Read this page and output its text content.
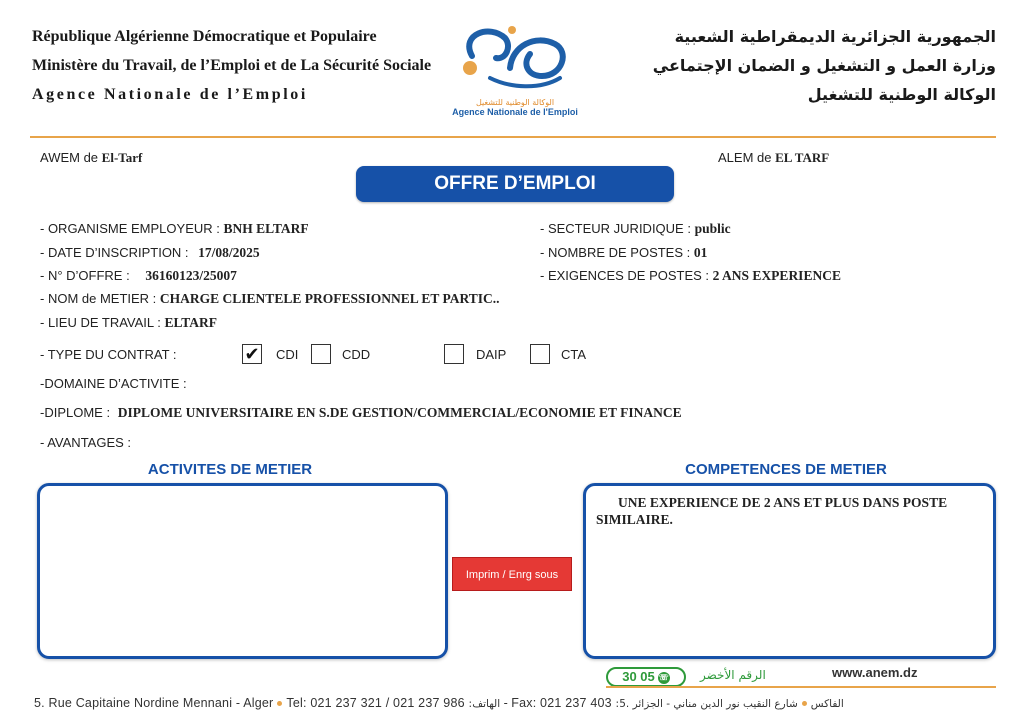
République Algérienne Démocratique et Populaire
Ministère du Travail, de l’Emploi et de La Sécurité Sociale
Agence Nationale de l’Emploi	الوكالة الوطنية للتشغيل
Agence Nationale de l'Emploi
الجمهورية الجزائرية الديمقراطية الشعبية
وزارة العمل و التشغيل و الضمان الإجتماعي
الوكالة الوطنية للتشغيل
AWEM de El-Tarf	ALEM de EL TARF
OFFRE D’EMPLOI
- ORGANISME EMPLOYEUR : BNH ELTARF
- DATE D’INSCRIPTION : 17/08/2025
- N° D’OFFRE : 36160123/25007
- NOM de METIER : CHARGE CLIENTELE PROFESSIONNEL ET PARTIC..
- LIEU DE TRAVAIL : ELTARF
- SECTEUR JURIDIQUE : public
- NOMBRE DE POSTES : 01
- EXIGENCES DE POSTES : 2 ANS EXPERIENCE
- TYPE DU CONTRAT :	✔ CDI	CDD	DAIP	CTA
-DOMAINE D’ACTIVITE :
-DIPLOME : DIPLOME UNIVERSITAIRE EN S.DE GESTION/COMMERCIAL/ECONOMIE ET FINANCE
- AVANTAGES :
ACTIVITES DE METIER	COMPETENCES DE METIER
Imprim / Enrg sous
UNE EXPERIENCE DE 2 ANS ET PLUS DANS POSTE SIMILAIRE.
30 05 ☏	الرقم الأخضر	www.anem.dz
5. Rue Capitaine Nordine Mennani - Alger Tel: 021 237 321 / 021 237 986 :الهاتف - Fax: 021 237 403 :الفاكسشارع النقيب نور الدين مناني - الجزائر .5
